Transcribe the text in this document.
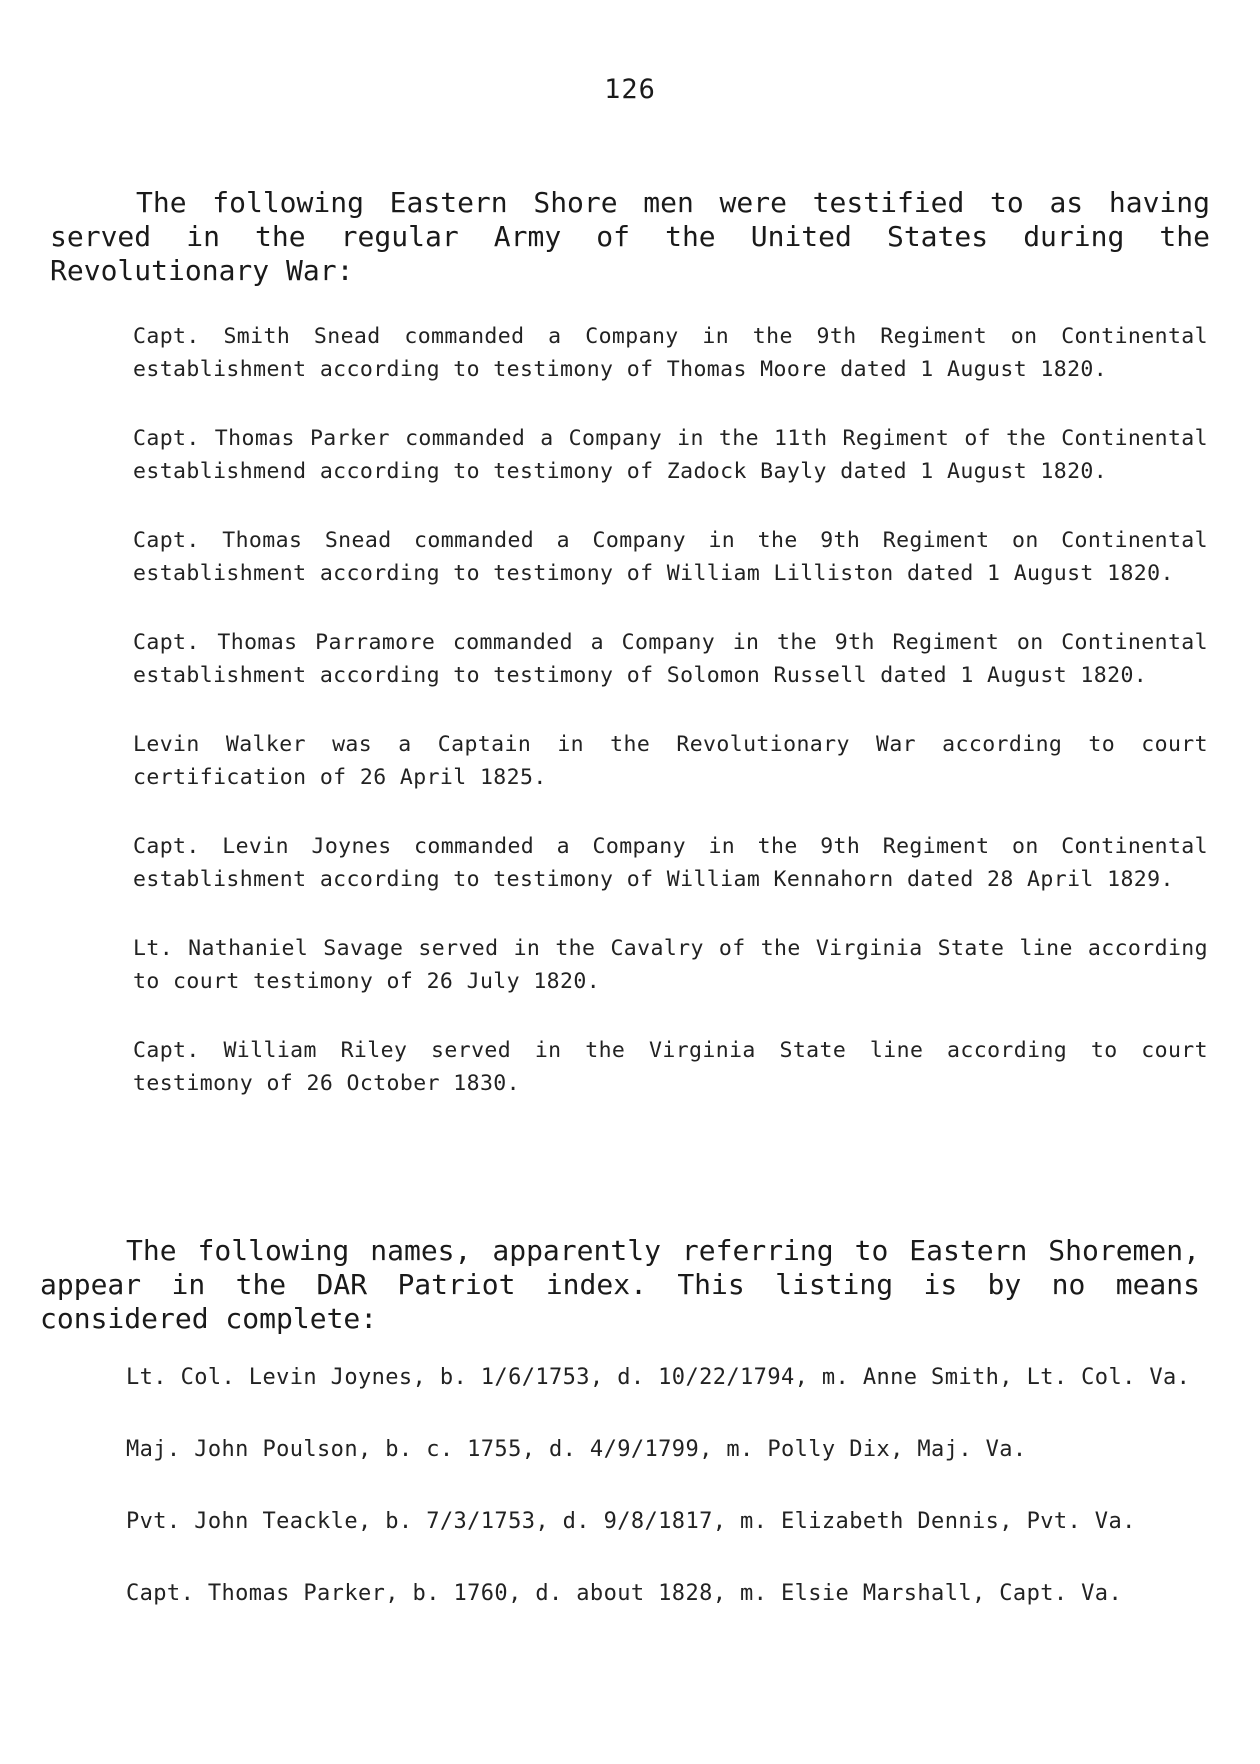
126

The following Eastern Shore men were testified to as having served in the regular Army of the United States during the Revolutionary War:

Capt. Smith Snead commanded a Company in the 9th Regiment on Continental establishment according to testimony of Thomas Moore dated 1 August 1820.

Capt. Thomas Parker commanded a Company in the 11th Regiment of the Continental establishmend according to testimony of Zadock Bayly dated 1 August 1820.

Capt. Thomas Snead commanded a Company in the 9th Regiment on Continental establishment according to testimony of William Lilliston dated 1 August 1820.

Capt. Thomas Parramore commanded a Company in the 9th Regiment on Continental establishment according to testimony of Solomon Russell dated 1 August 1820.

Levin Walker was a Captain in the Revolutionary War according to court certification of 26 April 1825.

Capt. Levin Joynes commanded a Company in the 9th Regiment on Continental establishment according to testimony of William Kennahorn dated 28 April 1829.

Lt. Nathaniel Savage served in the Cavalry of the Virginia State line according to court testimony of 26 July 1820.

Capt. William Riley served in the Virginia State line according to court testimony of 26 October 1830.

The following names, apparently referring to Eastern Shoremen, appear in the DAR Patriot index. This listing is by no means considered complete:

Lt. Col. Levin Joynes, b. 1/6/1753, d. 10/22/1794, m. Anne Smith, Lt. Col. Va.

Maj. John Poulson, b. c. 1755, d. 4/9/1799, m. Polly Dix, Maj. Va.

Pvt. John Teackle, b. 7/3/1753, d. 9/8/1817, m. Elizabeth Dennis, Pvt. Va.

Capt. Thomas Parker, b. 1760, d. about 1828, m. Elsie Marshall, Capt. Va.
